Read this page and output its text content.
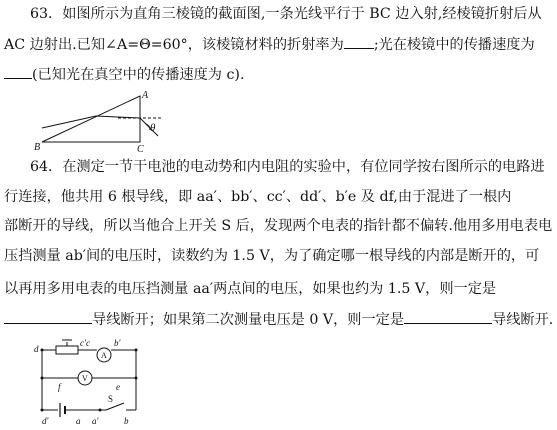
63．如图所示为直角三棱镜的截面图,一条光线平行于 BC 边入射,经棱镜折射后从
AC 边射出.已知∠A=Θ=60°，该棱镜材料的折射率为 ;光在棱镜中的传播速度为
(已知光在真空中的传播速度为 c).
A
B	C
θ
64．在测定一节干电池的电动势和内电阻的实验中，有位同学按右图所示的电路进
行连接，他共用 6 根导线，即 aa′、bb′、cc′、dd′、b′e 及 df,由于混进了一根内
部断开的导线，所以当他合上开关 S 后，发现两个电表的指针都不偏转.他用多用电表电
压挡测量 ab′间的电压时，读数约为 1.5 V，为了确定哪一根导线的内部是断开的，可
以再用多用电表的电压挡测量 aa′两点间的电压，如果也约为 1.5 V，则一定是
导线断开；如果第二次测量电压是 0 V，则一定是	导线断开.
d
c′c	b′
f	e
d′	a a′	b
S
A
V
